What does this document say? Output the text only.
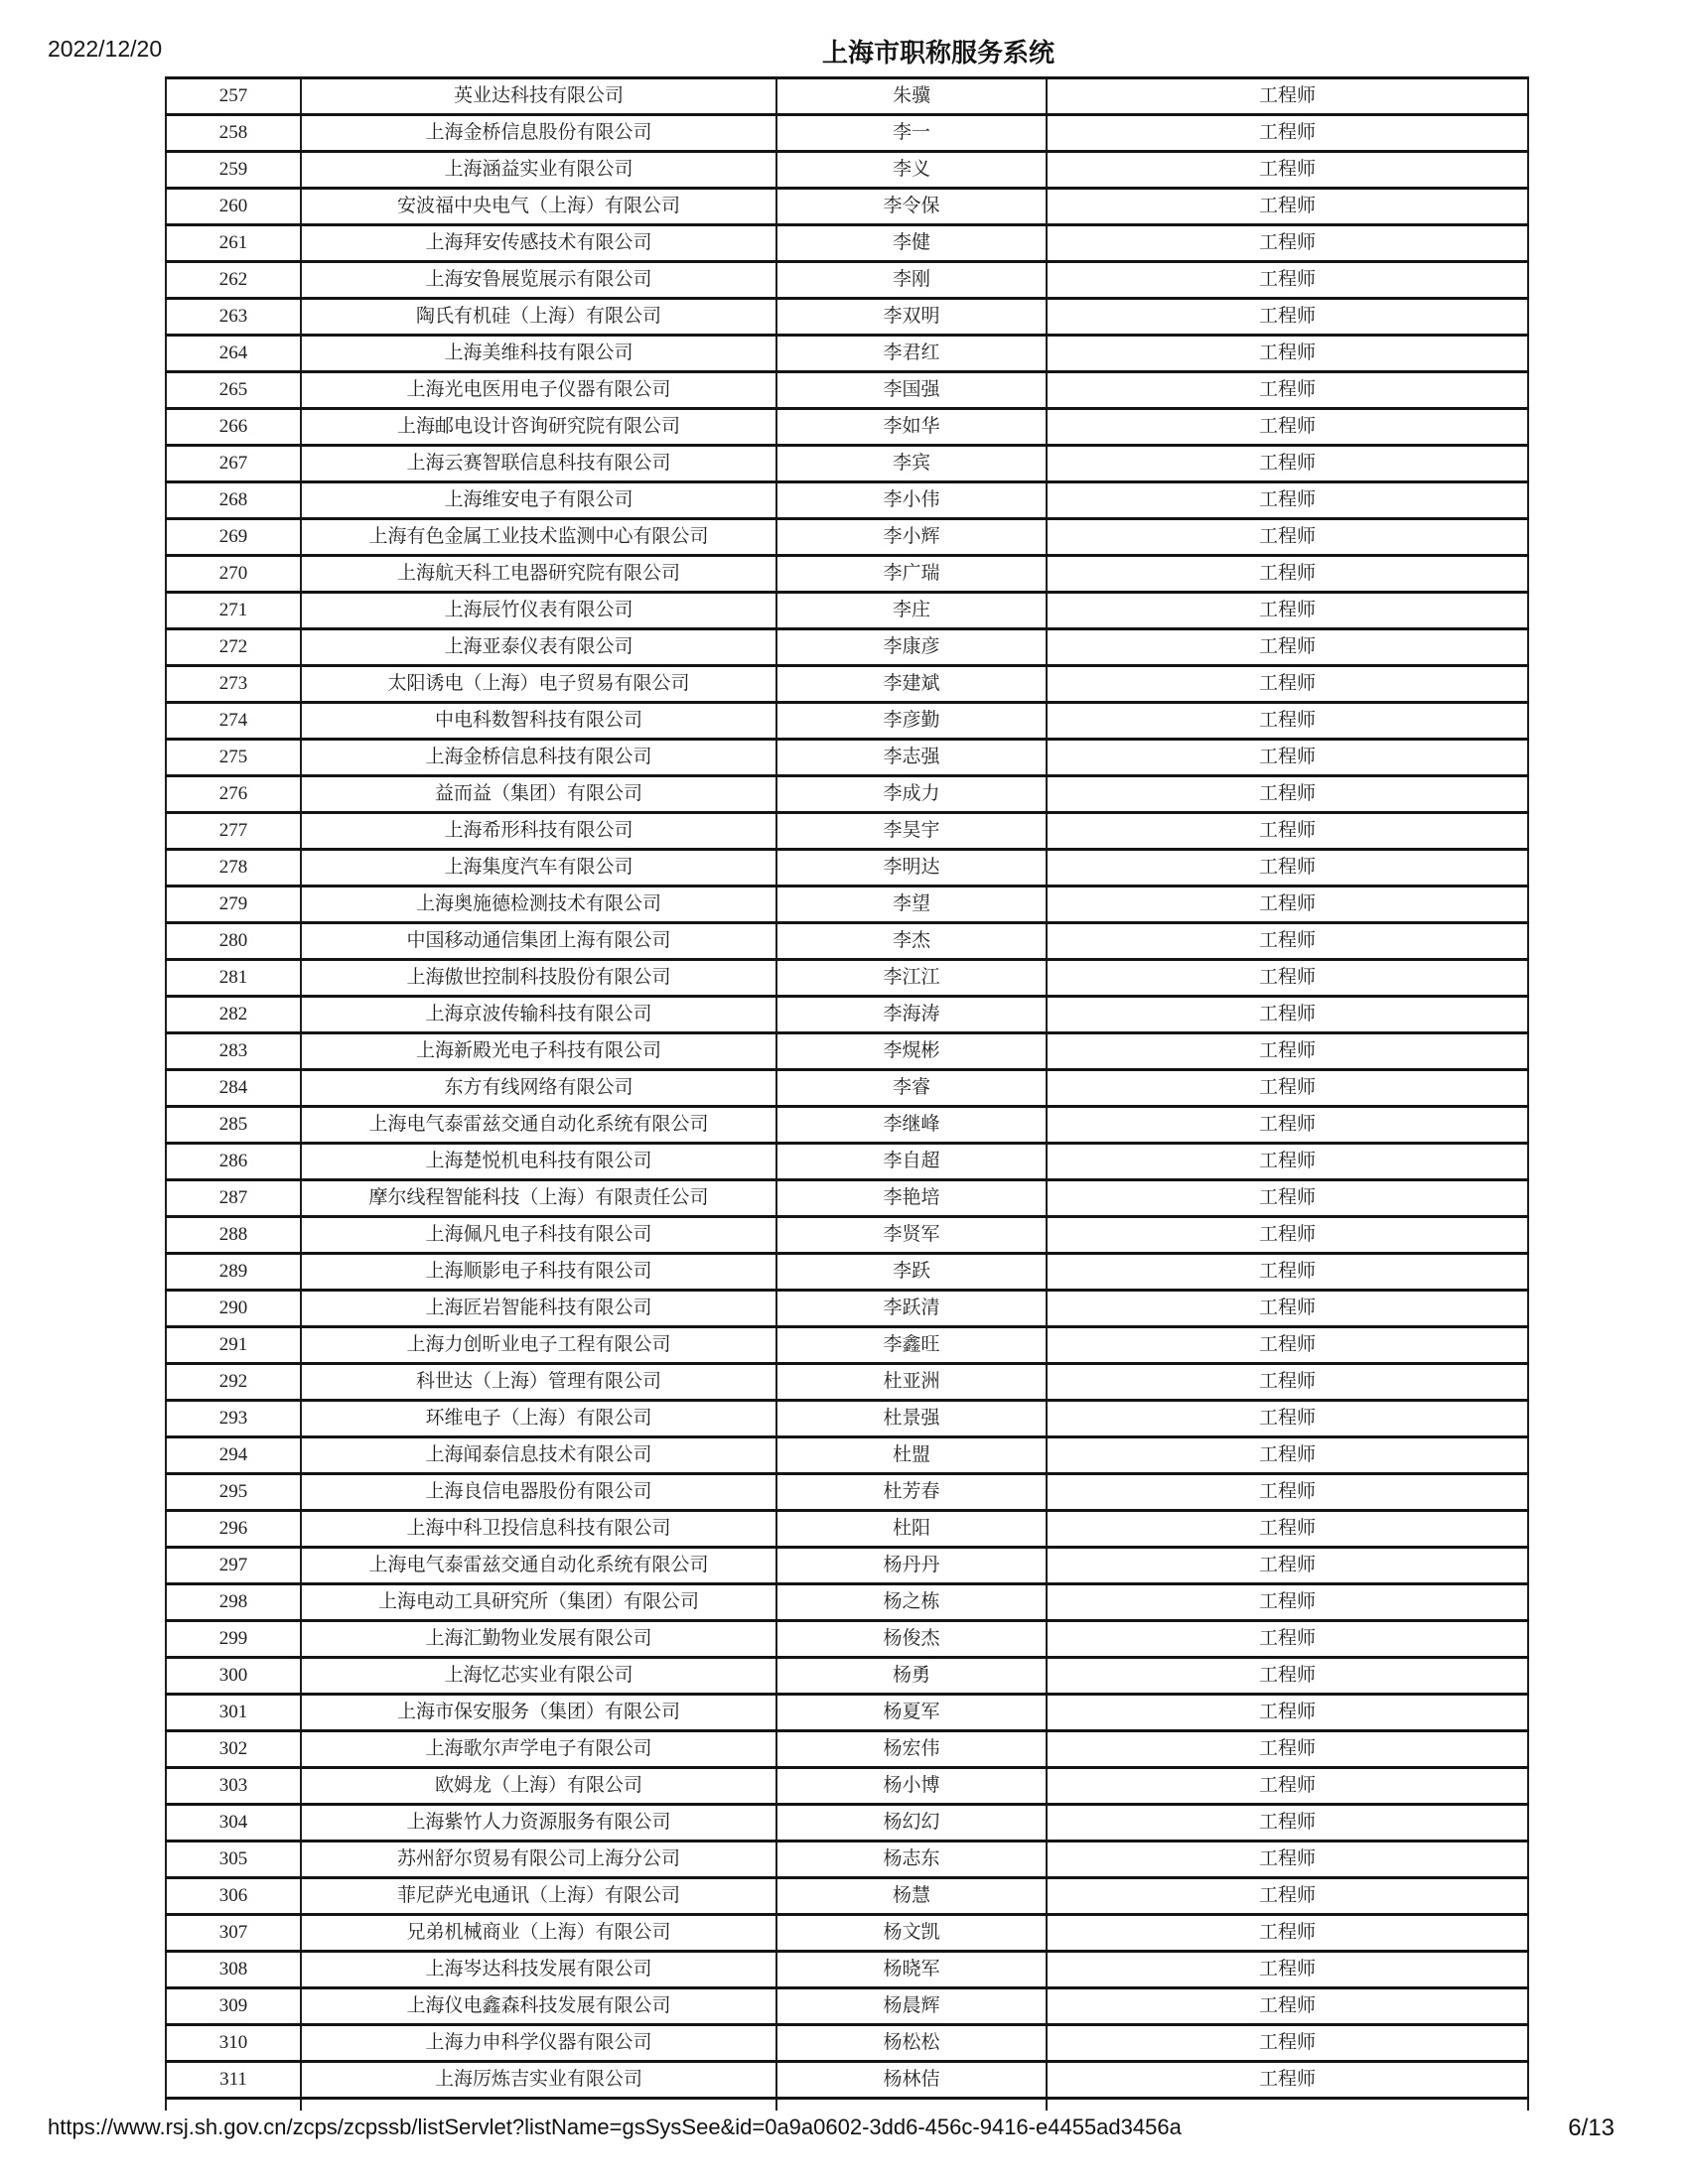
2022/12/20	上海市职称服务系统
257	英业达科技有限公司	朱骥	工程师
258	上海金桥信息股份有限公司	李一	工程师
259	上海涵益实业有限公司	李义	工程师
260	安波福中央电气（上海）有限公司	李令保	工程师
261	上海拜安传感技术有限公司	李健	工程师
262	上海安鲁展览展示有限公司	李刚	工程师
263	陶氏有机硅（上海）有限公司	李双明	工程师
264	上海美维科技有限公司	李君红	工程师
265	上海光电医用电子仪器有限公司	李国强	工程师
266	上海邮电设计咨询研究院有限公司	李如华	工程师
267	上海云赛智联信息科技有限公司	李宾	工程师
268	上海维安电子有限公司	李小伟	工程师
269	上海有色金属工业技术监测中心有限公司	李小辉	工程师
270	上海航天科工电器研究院有限公司	李广瑞	工程师
271	上海辰竹仪表有限公司	李庄	工程师
272	上海亚泰仪表有限公司	李康彦	工程师
273	太阳诱电（上海）电子贸易有限公司	李建斌	工程师
274	中电科数智科技有限公司	李彦勤	工程师
275	上海金桥信息科技有限公司	李志强	工程师
276	益而益（集团）有限公司	李成力	工程师
277	上海希形科技有限公司	李昊宇	工程师
278	上海集度汽车有限公司	李明达	工程师
279	上海奥施德检测技术有限公司	李望	工程师
280	中国移动通信集团上海有限公司	李杰	工程师
281	上海傲世控制科技股份有限公司	李江江	工程师
282	上海京波传输科技有限公司	李海涛	工程师
283	上海新殿光电子科技有限公司	李熀彬	工程师
284	东方有线网络有限公司	李睿	工程师
285	上海电气泰雷兹交通自动化系统有限公司	李继峰	工程师
286	上海楚悦机电科技有限公司	李自超	工程师
287	摩尔线程智能科技（上海）有限责任公司	李艳培	工程师
288	上海佩凡电子科技有限公司	李贤军	工程师
289	上海顺影电子科技有限公司	李跃	工程师
290	上海匠岩智能科技有限公司	李跃清	工程师
291	上海力创昕业电子工程有限公司	李鑫旺	工程师
292	科世达（上海）管理有限公司	杜亚洲	工程师
293	环维电子（上海）有限公司	杜景强	工程师
294	上海闻泰信息技术有限公司	杜盟	工程师
295	上海良信电器股份有限公司	杜芳春	工程师
296	上海中科卫投信息科技有限公司	杜阳	工程师
297	上海电气泰雷兹交通自动化系统有限公司	杨丹丹	工程师
298	上海电动工具研究所（集团）有限公司	杨之栋	工程师
299	上海汇勤物业发展有限公司	杨俊杰	工程师
300	上海忆芯实业有限公司	杨勇	工程师
301	上海市保安服务（集团）有限公司	杨夏军	工程师
302	上海歌尔声学电子有限公司	杨宏伟	工程师
303	欧姆龙（上海）有限公司	杨小博	工程师
304	上海紫竹人力资源服务有限公司	杨幻幻	工程师
305	苏州舒尔贸易有限公司上海分公司	杨志东	工程师
306	菲尼萨光电通讯（上海）有限公司	杨慧	工程师
307	兄弟机械商业（上海）有限公司	杨文凯	工程师
308	上海岑达科技发展有限公司	杨晓军	工程师
309	上海仪电鑫森科技发展有限公司	杨晨辉	工程师
310	上海力申科学仪器有限公司	杨松松	工程师
311	上海厉炼吉实业有限公司	杨林佶	工程师

https://www.rsj.sh.gov.cn/zcps/zcpssb/listServlet?listName=gsSysSee&id=0a9a0602-3dd6-456c-9416-e4455ad3456a	6/13
